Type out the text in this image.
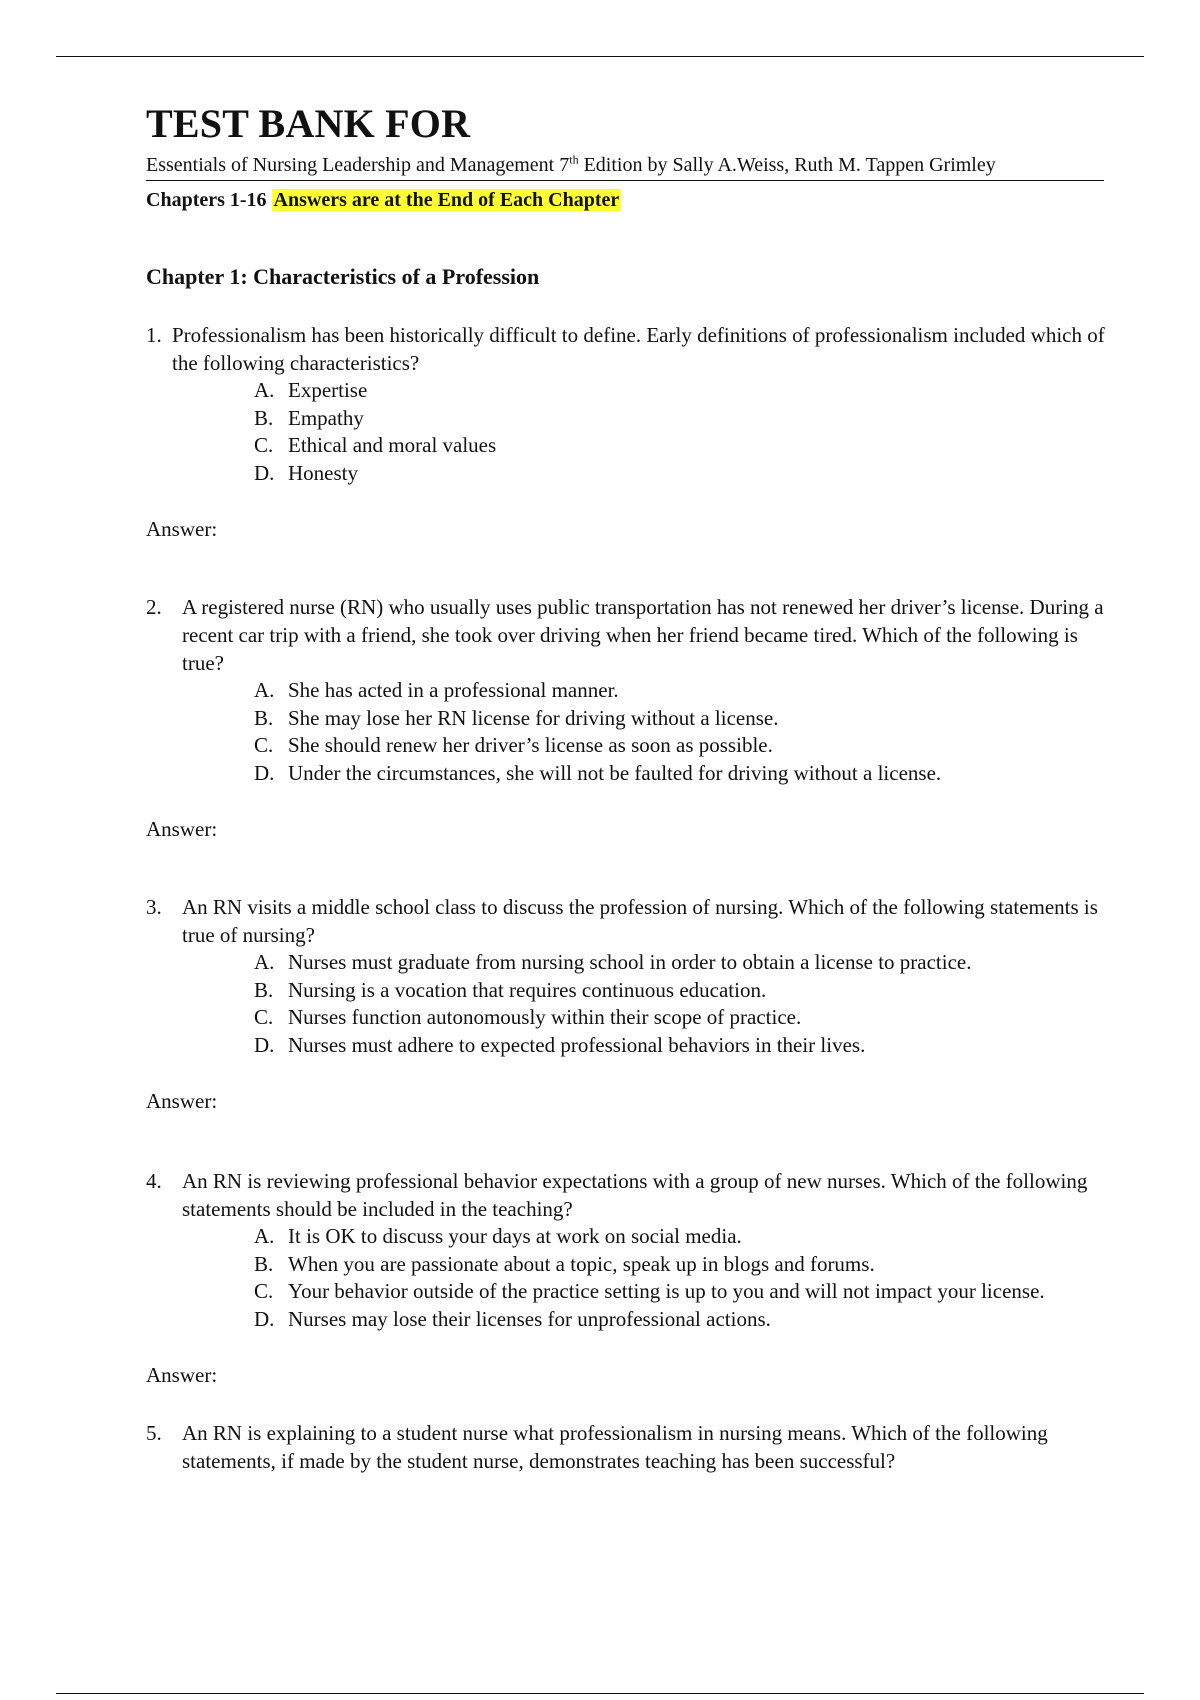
TEST BANK FOR
Essentials of Nursing Leadership and Management 7th Edition by Sally A.Weiss, Ruth M. Tappen Grimley
Chapters 1-16 Answers are at the End of Each Chapter
Chapter 1: Characteristics of a Profession
1. Professionalism has been historically difficult to define. Early definitions of professionalism included which of the following characteristics?
A. Expertise
B. Empathy
C. Ethical and moral values
D. Honesty
Answer:
2. A registered nurse (RN) who usually uses public transportation has not renewed her driver’s license. During a recent car trip with a friend, she took over driving when her friend became tired. Which of the following is true?
A. She has acted in a professional manner.
B. She may lose her RN license for driving without a license.
C. She should renew her driver’s license as soon as possible.
D. Under the circumstances, she will not be faulted for driving without a license.
Answer:
3. An RN visits a middle school class to discuss the profession of nursing. Which of the following statements is true of nursing?
A. Nurses must graduate from nursing school in order to obtain a license to practice.
B. Nursing is a vocation that requires continuous education.
C. Nurses function autonomously within their scope of practice.
D. Nurses must adhere to expected professional behaviors in their lives.
Answer:
4. An RN is reviewing professional behavior expectations with a group of new nurses. Which of the following statements should be included in the teaching?
A. It is OK to discuss your days at work on social media.
B. When you are passionate about a topic, speak up in blogs and forums.
C. Your behavior outside of the practice setting is up to you and will not impact your license.
D. Nurses may lose their licenses for unprofessional actions.
Answer:
5. An RN is explaining to a student nurse what professionalism in nursing means. Which of the following statements, if made by the student nurse, demonstrates teaching has been successful?
